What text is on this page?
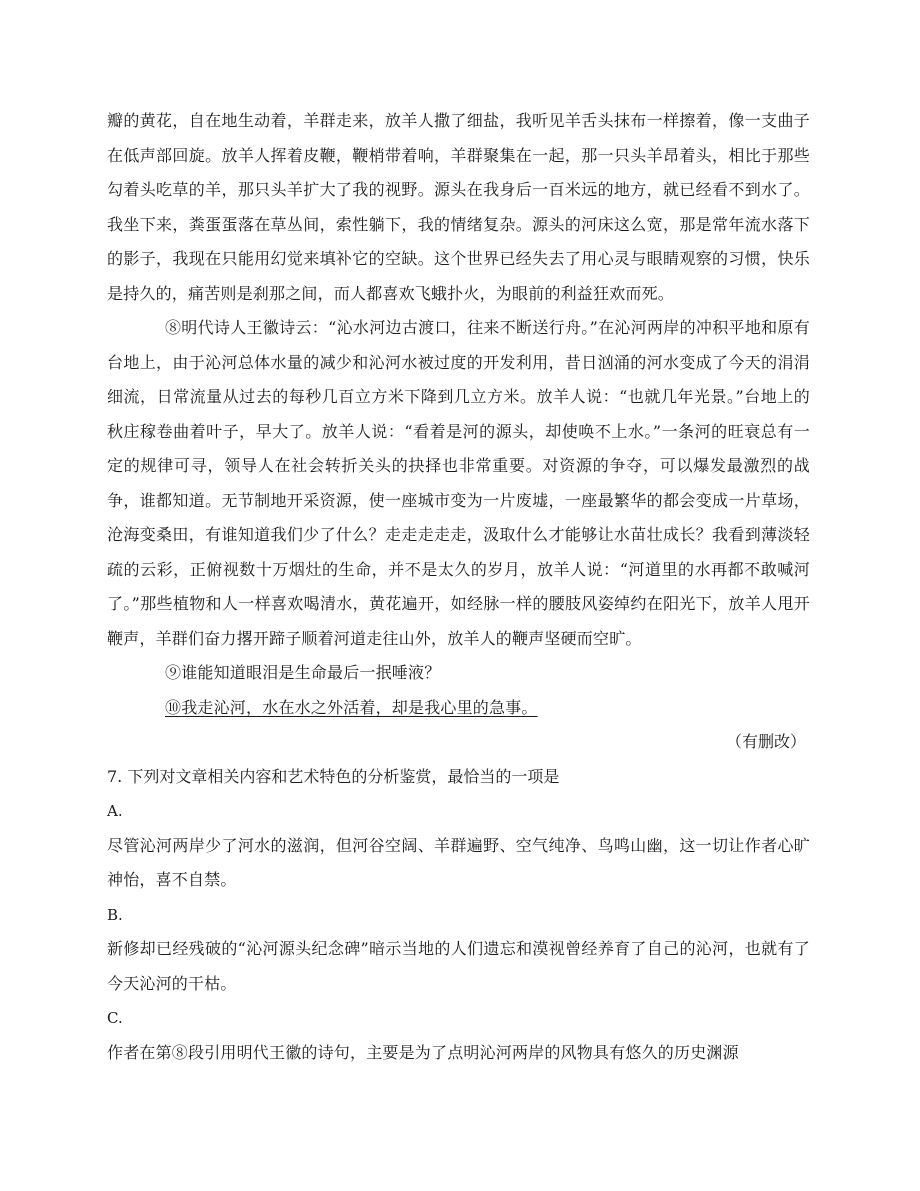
瓣的黄花，自在地生动着，羊群走来，放羊人撒了细盐，我听见羊舌头抹布一样擦着，像一支曲子在低声部回旋。放羊人挥着皮鞭，鞭梢带着响，羊群聚集在一起，那一只头羊昂着头，相比于那些勾着头吃草的羊，那只头羊扩大了我的视野。源头在我身后一百米远的地方，就已经看不到水了。我坐下来，粪蛋蛋落在草丛间，索性躺下，我的情绪复杂。源头的河床这么宽，那是常年流水落下的影子，我现在只能用幻觉来填补它的空缺。这个世界已经失去了用心灵与眼睛观察的习惯，快乐是持久的，痛苦则是刹那之间，而人都喜欢飞蛾扑火，为眼前的利益狂欢而死。

⑧明代诗人王徽诗云：“沁水河边古渡口，往来不断送行舟。”在沁河两岸的冲积平地和原有台地上，由于沁河总体水量的减少和沁河水被过度的开发利用，昔日汹涌的河水变成了今天的涓涓细流，日常流量从过去的每秒几百立方米下降到几立方米。放羊人说：“也就几年光景。”台地上的秋庄稼卷曲着叶子，早大了。放羊人说：“看着是河的源头，却使唤不上水。”一条河的旺衰总有一定的规律可寻，领导人在社会转折关头的抉择也非常重要。对资源的争夺，可以爆发最激烈的战争，谁都知道。无节制地开采资源，使一座城市变为一片废墟，一座最繁华的都会变成一片草场，沧海变桑田，有谁知道我们少了什么？走走走走走，汲取什么才能够让水苗壮成长？我看到薄淡轻疏的云彩，正俯视数十万烟灶的生命，并不是太久的岁月，放羊人说：“河道里的水再都不敢喊河了。”那些植物和人一样喜欢喝清水，黄花遍开，如经脉一样的腰肢风姿绰约在阳光下，放羊人甩开鞭声，羊群们奋力撂开蹄子顺着河道走往山外，放羊人的鞭声坚硬而空旷。

⑨谁能知道眼泪是生命最后一抿唾液？

⑩我走沁河，水在水之外活着，却是我心里的急事。

（有删改）

7. 下列对文章相关内容和艺术特色的分析鉴赏，最恰当的一项是

A.

尽管沁河两岸少了河水的滋润，但河谷空阔、羊群遍野、空气纯净、鸟鸣山幽，这一切让作者心旷神怡，喜不自禁。

B.

新修却已经残破的“沁河源头纪念碑”暗示当地的人们遗忘和漠视曾经养育了自己的沁河，也就有了今天沁河的干枯。

C.

作者在第⑧段引用明代王徽的诗句，主要是为了点明沁河两岸的风物具有悠久的历史渊源
